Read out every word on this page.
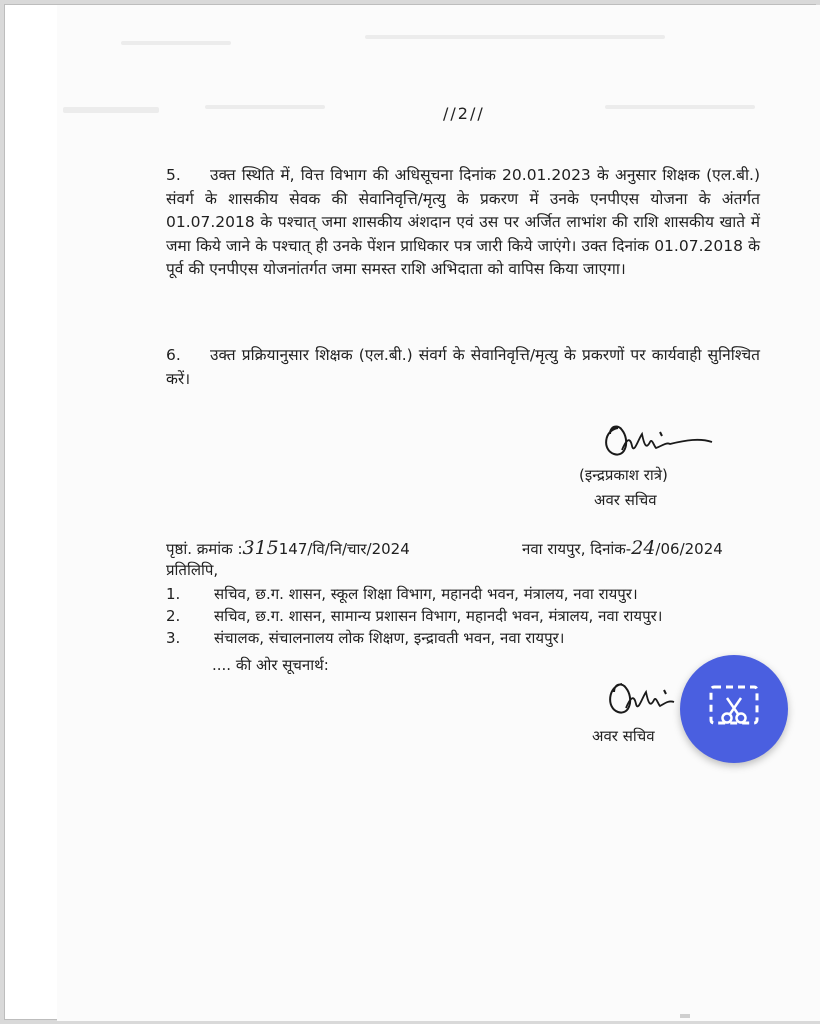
//2//
5. उक्त स्थिति में, वित्त विभाग की अधिसूचना दिनांक 20.01.2023 के अनुसार शिक्षक (एल.बी.) संवर्ग के शासकीय सेवक की सेवानिवृत्ति/मृत्यु के प्रकरण में उनके एनपीएस योजना के अंतर्गत 01.07.2018 के पश्चात् जमा शासकीय अंशदान एवं उस पर अर्जित लाभांश की राशि शासकीय खाते में जमा किये जाने के पश्चात् ही उनके पेंशन प्राधिकार पत्र जारी किये जाएंगे। उक्त दिनांक 01.07.2018 के पूर्व की एनपीएस योजनांतर्गत जमा समस्त राशि अभिदाता को वापिस किया जाएगा।
6. उक्त प्रक्रियानुसार शिक्षक (एल.बी.) संवर्ग के सेवानिवृत्ति/मृत्यु के प्रकरणों पर कार्यवाही सुनिश्चित करें।
(इन्द्रप्रकाश रात्रे)
अवर सचिव
पृष्ठां. क्रमांक :315147/वि/नि/चार/2024	नवा रायपुर, दिनांक-24/06/2024
प्रतिलिपि,
1. सचिव, छ.ग. शासन, स्कूल शिक्षा विभाग, महानदी भवन, मंत्रालय, नवा रायपुर।
2. सचिव, छ.ग. शासन, सामान्य प्रशासन विभाग, महानदी भवन, मंत्रालय, नवा रायपुर।
3. संचालक, संचालनालय लोक शिक्षण, इन्द्रावती भवन, नवा रायपुर।
.... की ओर सूचनार्थ:
अवर सचिव
